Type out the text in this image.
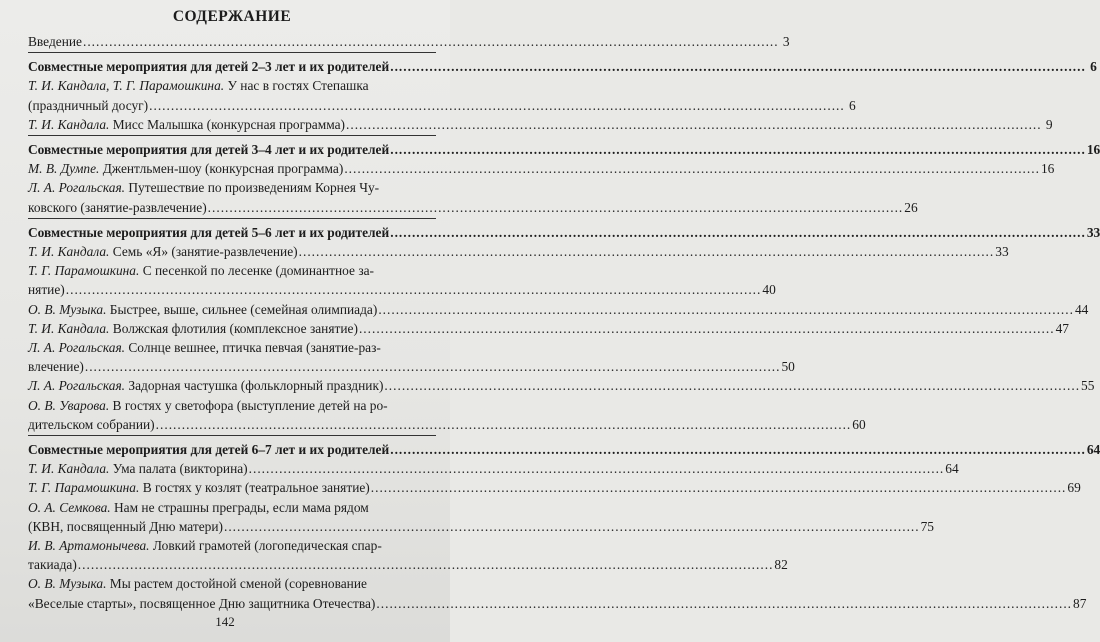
СОДЕРЖАНИЕ
Введение .....	3
Совместные мероприятия для детей 2–3 лет и их родителей .....	6
Т. И. Кандала, Т. Г. Парамошкина. У нас в гостях Степашка
(праздничный досуг) .....	6
Т. И. Кандала. Мисс Малышка (конкурсная программа) .....	9
Совместные мероприятия для детей 3–4 лет и их родителей .....	16
М. В. Думпе. Джентльмен-шоу (конкурсная программа) .....	16
Л. А. Рогальская. Путешествие по произведениям Корнея Чу-
ковского (занятие-развлечение) .....	26
Совместные мероприятия для детей 5–6 лет и их родителей .....	33
Т. И. Кандала. Семь «Я» (занятие-развлечение) .....	33
Т. Г. Парамошкина. С песенкой по лесенке (доминантное за-
нятие) .....	40
О. В. Музыка. Быстрее, выше, сильнее (семейная олимпиада) .....	44
Т. И. Кандала. Волжская флотилия (комплексное занятие) .....	47
Л. А. Рогальская. Солнце вешнее, птичка певчая (занятие-раз-
влечение) .....	50
Л. А. Рогальская. Задорная частушка (фольклорный праздник) .....	55
О. В. Уварова. В гостях у светофора (выступление детей на ро-
дительском собрании) .....	60
Совместные мероприятия для детей 6–7 лет и их родителей .....	64
Т. И. Кандала. Ума палата (викторина) .....	64
Т. Г. Парамошкина. В гостях у козлят (театральное занятие) .....	69
О. А. Семкова. Нам не страшны преграды, если мама рядом
(КВН, посвященный Дню матери) .....	75
И. В. Артамонычева. Ловкий грамотей (логопедическая спар-
такиада) .....	82
О. В. Музыка. Мы растем достойной сменой (соревнование
«Веселые старты», посвященное Дню защитника Отечества) .....	87
142
